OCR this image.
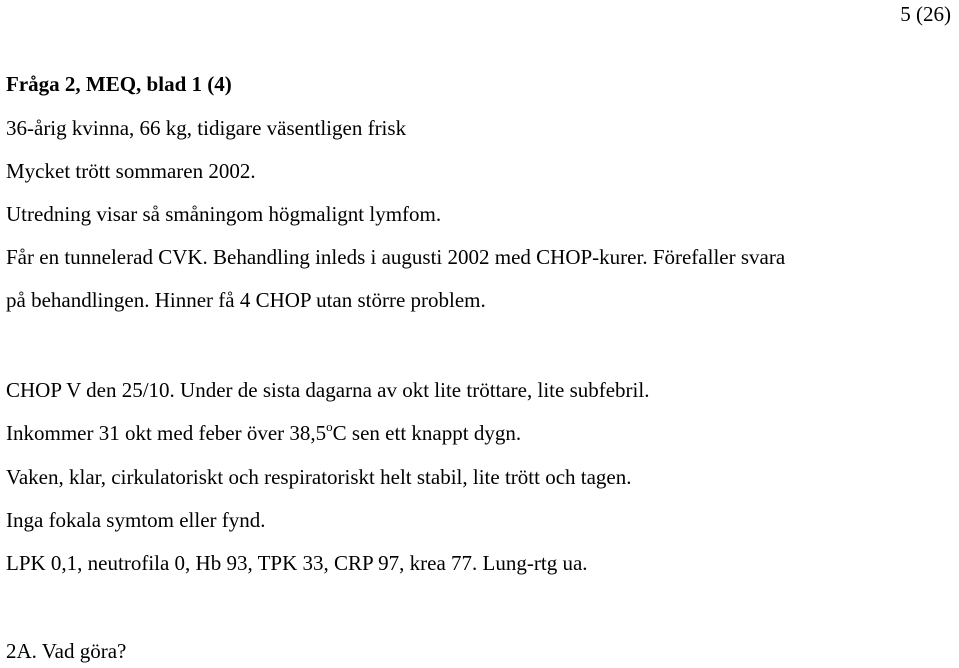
5 (26)
Fråga 2, MEQ, blad 1 (4)
36-årig kvinna, 66 kg, tidigare väsentligen frisk
Mycket trött sommaren 2002.
Utredning visar så småningom högmalignt lymfom.
Får en tunnelerad CVK. Behandling inleds i augusti 2002 med CHOP-kurer. Förefaller svara
på behandlingen. Hinner få 4 CHOP utan större problem.
CHOP V den 25/10. Under de sista dagarna av okt lite tröttare, lite subfebril.
Inkommer 31 okt med feber över 38,5$^o$C sen ett knappt dygn.
Vaken, klar, cirkulatoriskt och respiratoriskt helt stabil, lite trött och tagen.
Inga fokala symtom eller fynd.
LPK 0,1, neutrofila 0, Hb 93, TPK 33, CRP 97, krea 77. Lung-rtg ua.
2A. Vad göra?
